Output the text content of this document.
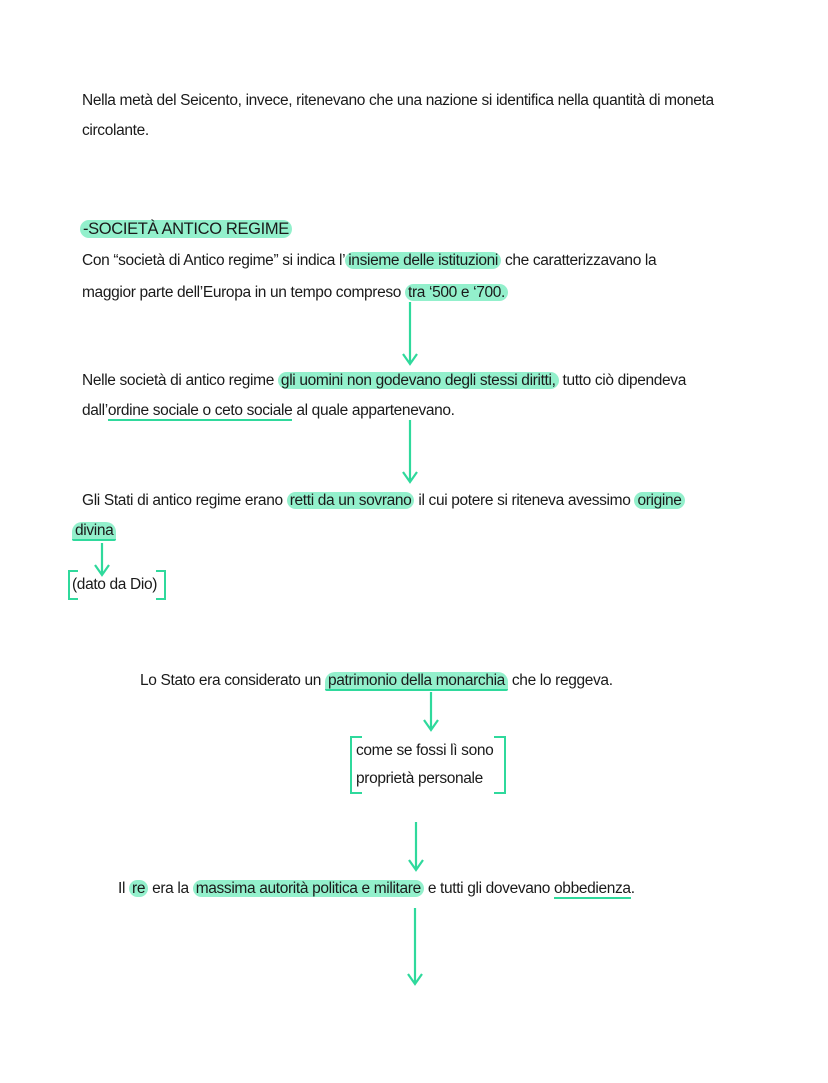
Nella metà del Seicento, invece, ritenevano che una nazione si identifica nella quantità di moneta
circolante.
-SOCIETÀ ANTICO REGIME
Con “società di Antico regime” si indica l’ insieme delle istituzioni che caratterizzavano la
maggior parte dell’Europa in un tempo compreso tra ‘500 e ‘700.
Nelle società di antico regime gli uomini non godevano degli stessi diritti, tutto ciò dipendeva
dall’ordine sociale o ceto sociale al quale appartenevano.
Gli Stati di antico regime erano retti da un sovrano il cui potere si riteneva avessimo origine
divina
(dato da Dio)
Lo Stato era considerato un patrimonio della monarchia che lo reggeva.
come se fossi lì sono
proprietà personale
Il re era la massima autorità politica e militare e tutti gli dovevano obbedienza.
